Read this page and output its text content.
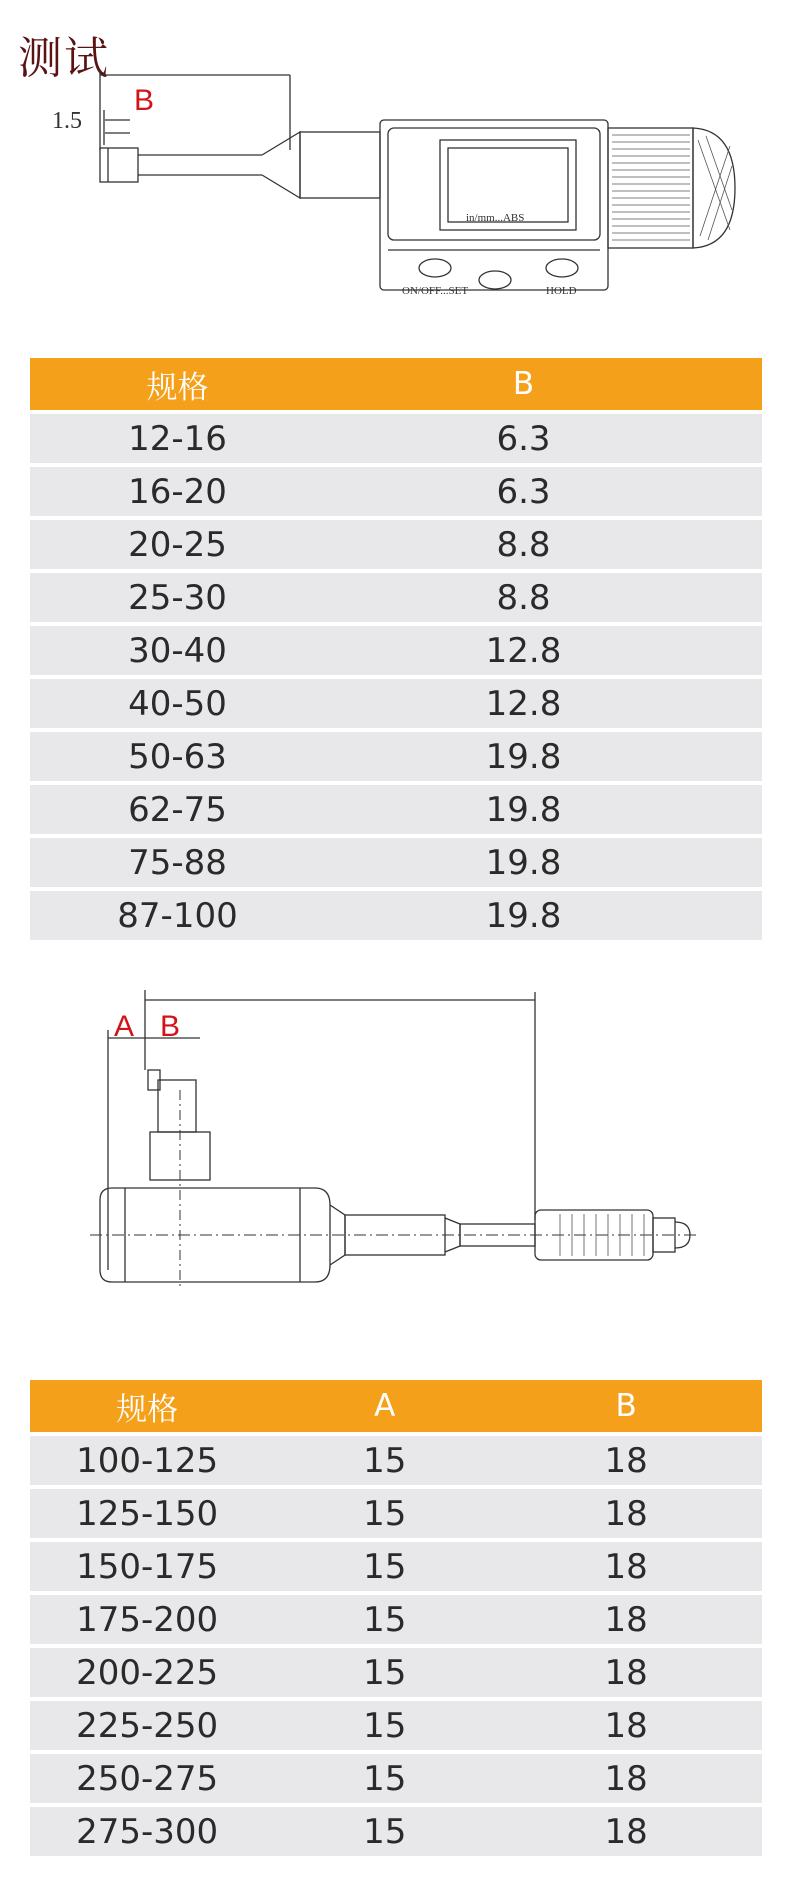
测试
1.5
B
in/mm...ABS
ON/OFF...SET	HOLD
规格	B
12-16	6.3
16-20	6.3
20-25	8.8
25-30	8.8
30-40	12.8
40-50	12.8
50-63	19.8
62-75	19.8
75-88	19.8
87-100	19.8
A B
规格	A	B
100-125	15	18
125-150	15	18
150-175	15	18
175-200	15	18
200-225	15	18
225-250	15	18
250-275	15	18
275-300	15	18
